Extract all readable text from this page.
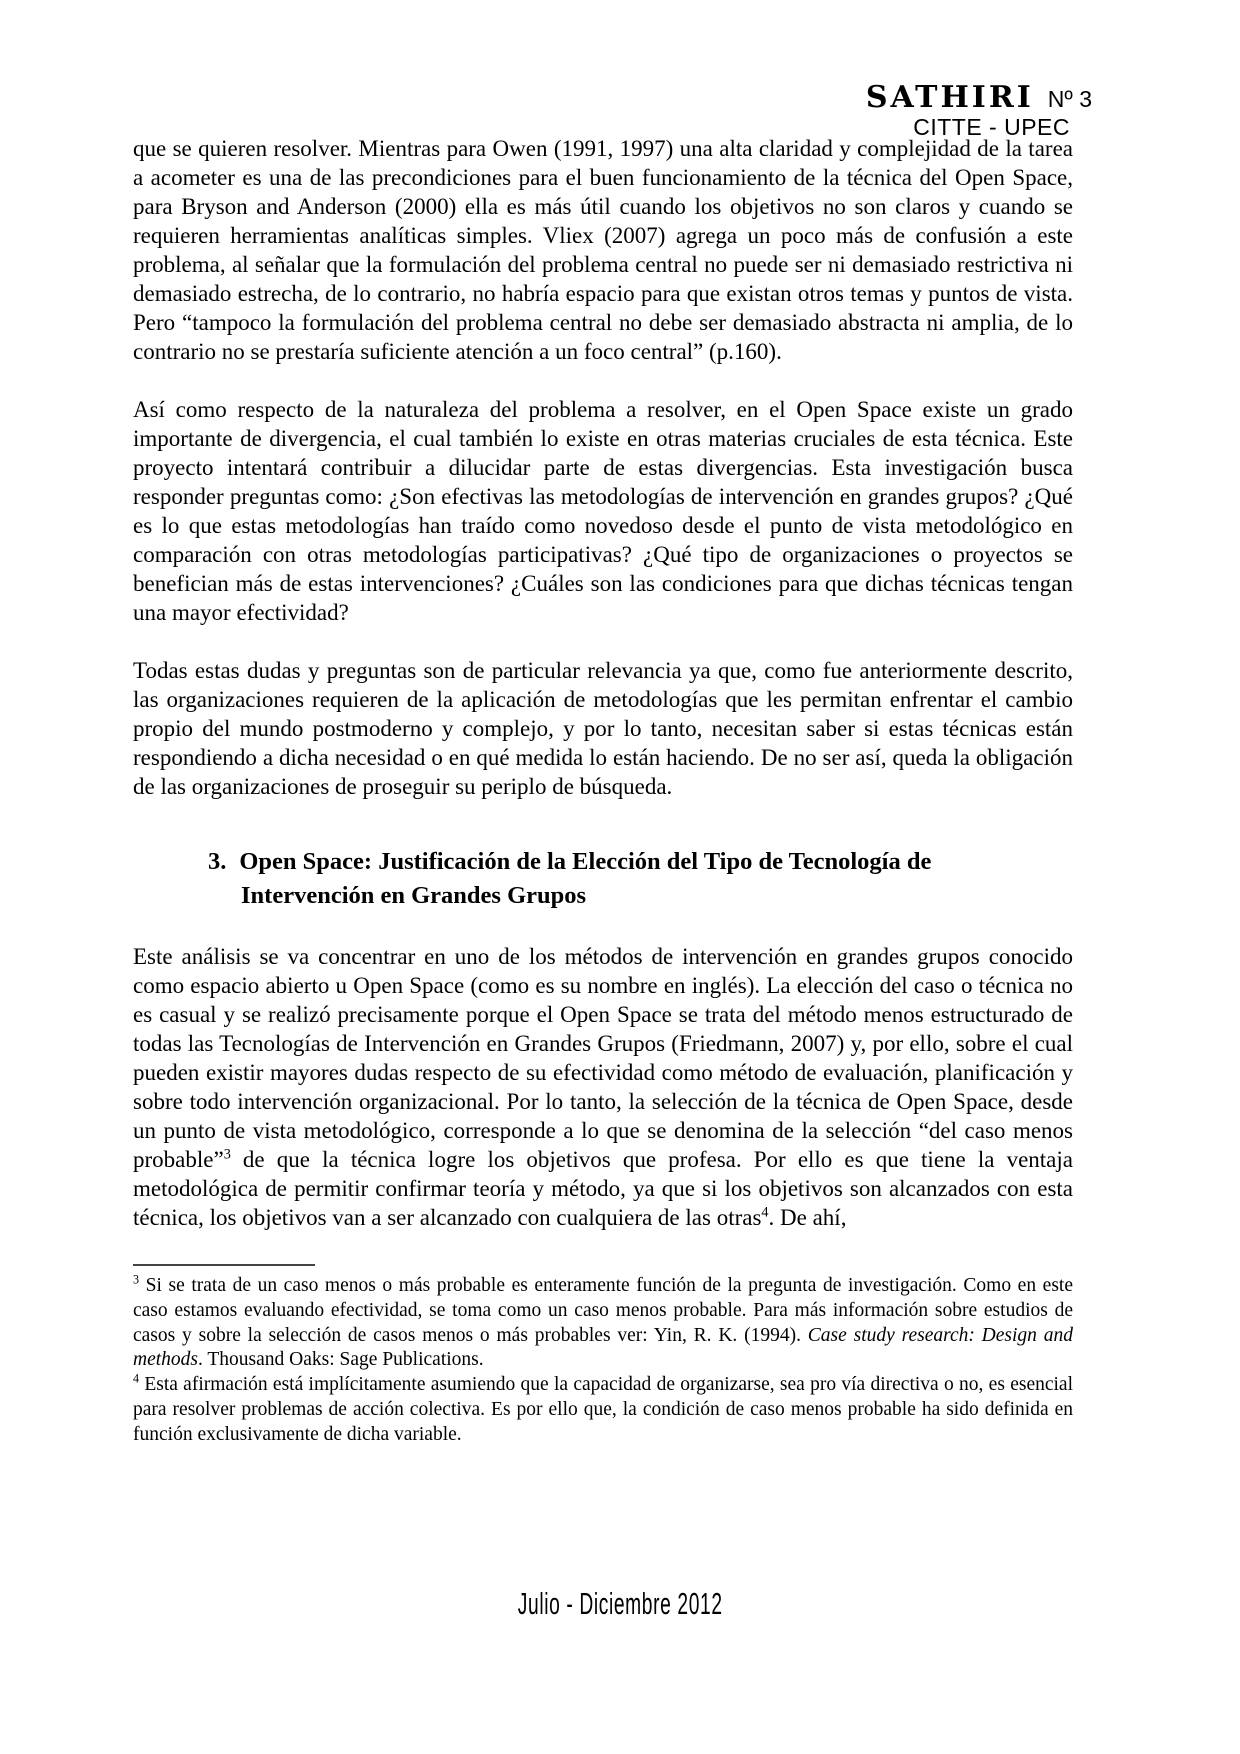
SATHIRI Nº 3
CITTE - UPEC

que se quieren resolver. Mientras para Owen (1991, 1997) una alta claridad y complejidad de la tarea a acometer es una de las precondiciones para el buen funcionamiento de la técnica del Open Space, para Bryson and Anderson (2000) ella es más útil cuando los objetivos no son claros y cuando se requieren herramientas analíticas simples. Vliex (2007) agrega un poco más de confusión a este problema, al señalar que la formulación del problema central no puede ser ni demasiado restrictiva ni demasiado estrecha, de lo contrario, no habría espacio para que existan otros temas y puntos de vista. Pero “tampoco la formulación del problema central no debe ser demasiado abstracta ni amplia, de lo contrario no se prestaría suficiente atención a un foco central” (p.160).

Así como respecto de la naturaleza del problema a resolver, en el Open Space existe un grado importante de divergencia, el cual también lo existe en otras materias cruciales de esta técnica. Este proyecto intentará contribuir a dilucidar parte de estas divergencias. Esta investigación busca responder preguntas como: ¿Son efectivas las metodologías de intervención en grandes grupos? ¿Qué es lo que estas metodologías han traído como novedoso desde el punto de vista metodológico en comparación con otras metodologías participativas? ¿Qué tipo de organizaciones o proyectos se benefician más de estas intervenciones? ¿Cuáles son las condiciones para que dichas técnicas tengan una mayor efectividad?

Todas estas dudas y preguntas son de particular relevancia ya que, como fue anteriormente descrito, las organizaciones requieren de la aplicación de metodologías que les permitan enfrentar el cambio propio del mundo postmoderno y complejo, y por lo tanto, necesitan saber si estas técnicas están respondiendo a dicha necesidad o en qué medida lo están haciendo. De no ser así, queda la obligación de las organizaciones de proseguir su periplo de búsqueda.

3. Open Space: Justificación de la Elección del Tipo de Tecnología de Intervención en Grandes Grupos

Este análisis se va concentrar en uno de los métodos de intervención en grandes grupos conocido como espacio abierto u Open Space (como es su nombre en inglés). La elección del caso o técnica no es casual y se realizó precisamente porque el Open Space se trata del método menos estructurado de todas las Tecnologías de Intervención en Grandes Grupos (Friedmann, 2007) y, por ello, sobre el cual pueden existir mayores dudas respecto de su efectividad como método de evaluación, planificación y sobre todo intervención organizacional. Por lo tanto, la selección de la técnica de Open Space, desde un punto de vista metodológico, corresponde a lo que se denomina de la selección “del caso menos probable”$^3$ de que la técnica logre los objetivos que profesa. Por ello es que tiene la ventaja metodológica de permitir confirmar teoría y método, ya que si los objetivos son alcanzados con esta técnica, los objetivos van a ser alcanzado con cualquiera de las otras$^4$. De ahí,

$^3$ Si se trata de un caso menos o más probable es enteramente función de la pregunta de investigación. Como en este caso estamos evaluando efectividad, se toma como un caso menos probable. Para más información sobre estudios de casos y sobre la selección de casos menos o más probables ver: Yin, R. K. (1994). Case study research: Design and methods. Thousand Oaks: Sage Publications.

$^4$ Esta afirmación está implícitamente asumiendo que la capacidad de organizarse, sea pro vía directiva o no, es esencial para resolver problemas de acción colectiva. Es por ello que, la condición de caso menos probable ha sido definida en función exclusivamente de dicha variable.

Julio - Diciembre 2012
